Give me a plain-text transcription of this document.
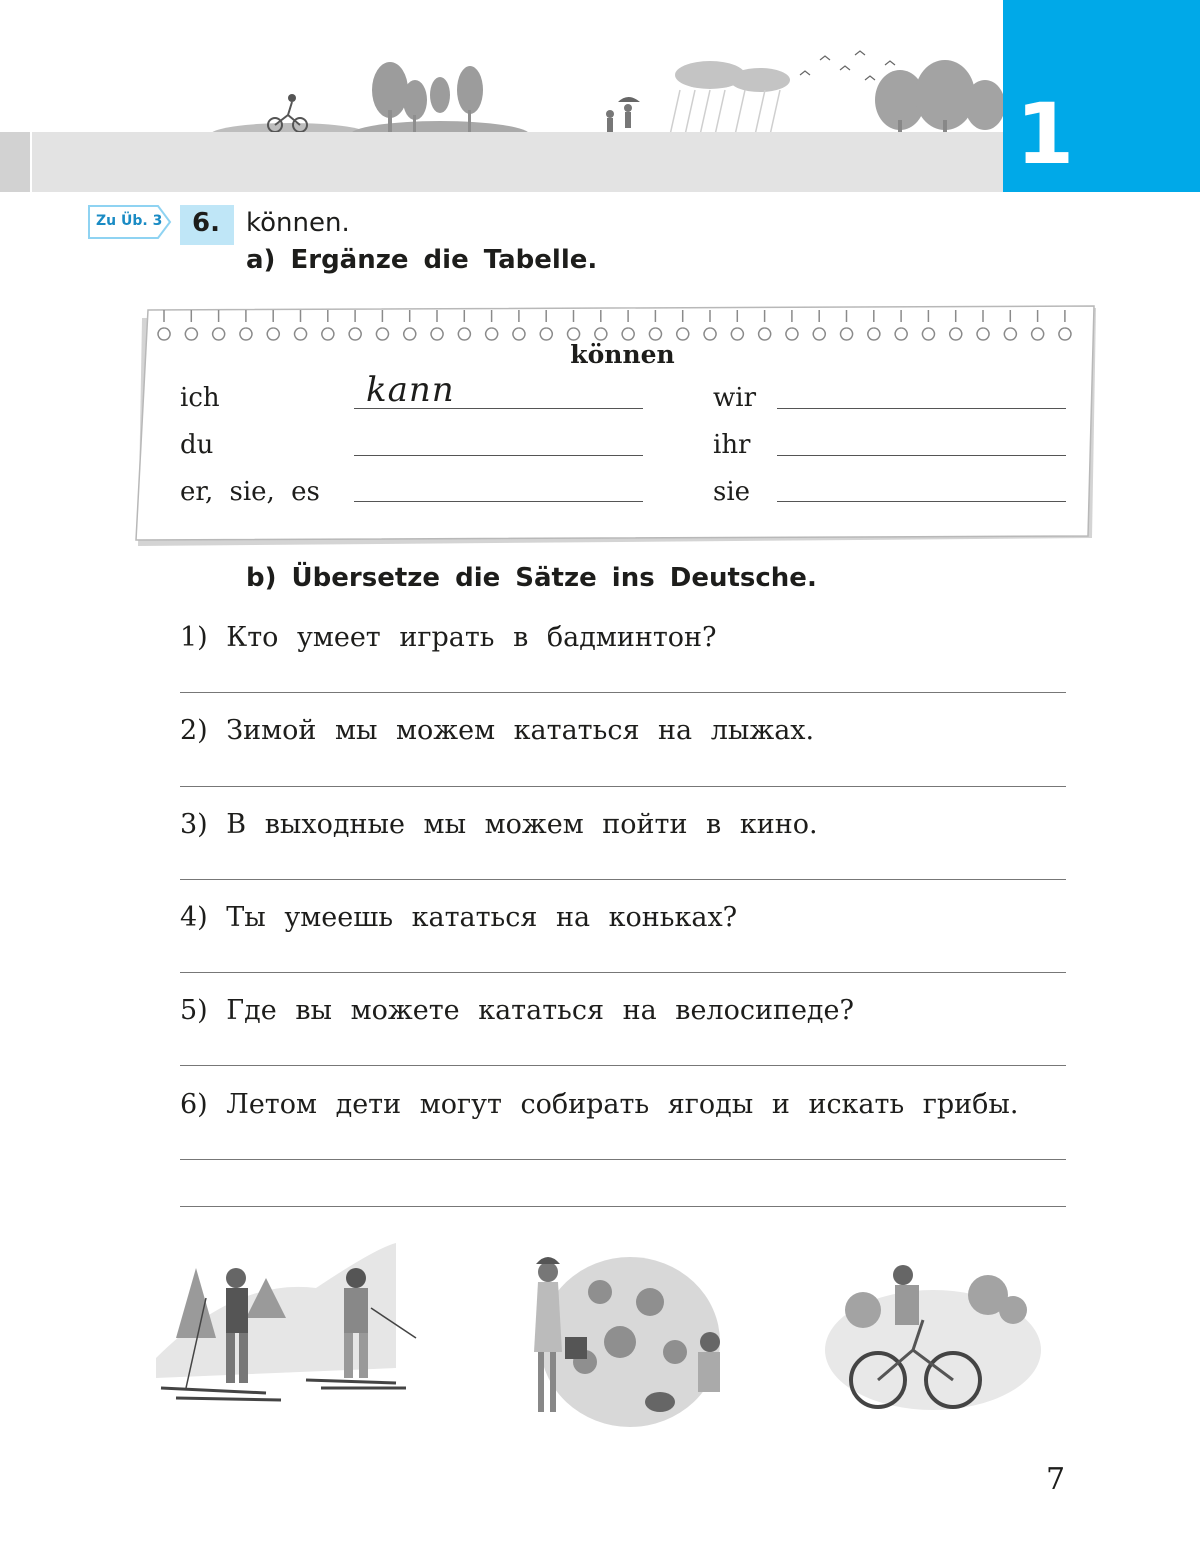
1
Zu Üb. 3 6. können.
a) Ergänze die Tabelle.
können
ich
du
er, sie, es
wir
ihr
sie
kann
b) Übersetze die Sätze ins Deutsche.
1) Кто умеет играть в бадминтон?
2) Зимой мы можем кататься на лыжах.
3) В выходные мы можем пойти в кино.
4) Ты умеешь кататься на коньках?
5) Где вы можете кататься на велосипеде?
6) Летом дети могут собирать ягоды и искать грибы.
7
